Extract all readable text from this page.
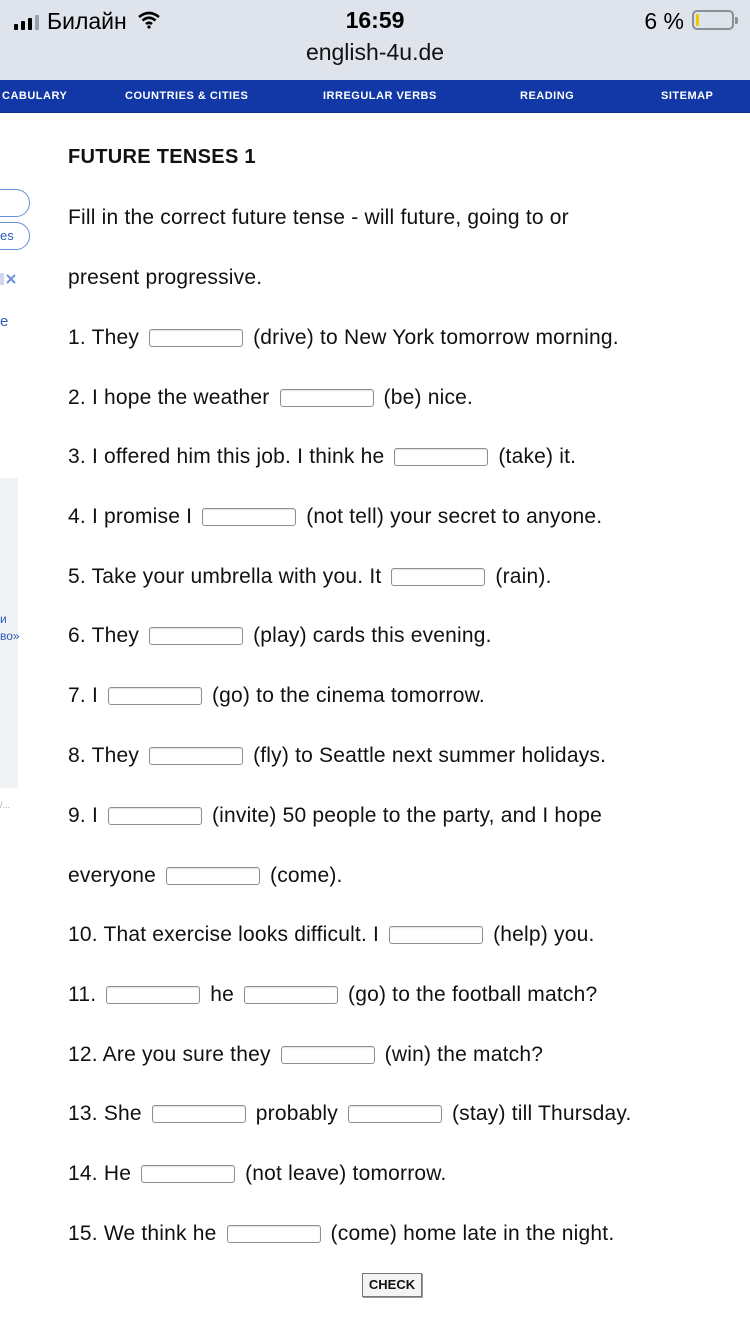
Билайн	16:59	6 %
english-4u.de
CABULARY	COUNTRIES & CITIES	IRREGULAR VERBS	READING	SITEMAP
es
e
и
во»
/...
FUTURE TENSES 1
Fill in the correct future tense - will future, going to or
present progressive.
1. They	(drive) to New York tomorrow morning.
2. I hope the weather	(be) nice.
3. I offered him this job. I think he	(take) it.
4. I promise I	(not tell) your secret to anyone.
5. Take your umbrella with you. It	(rain).
6. They	(play) cards this evening.
7. I	(go) to the cinema tomorrow.
8. They	(fly) to Seattle next summer holidays.
9. I	(invite) 50 people to the party, and I hope
everyone	(come).
10. That exercise looks difficult. I	(help) you.
11.	he	(go) to the football match?
12. Are you sure they	(win) the match?
13. She	probably	(stay) till Thursday.
14. He	(not leave) tomorrow.
15. We think he	(come) home late in the night.
CHECK
